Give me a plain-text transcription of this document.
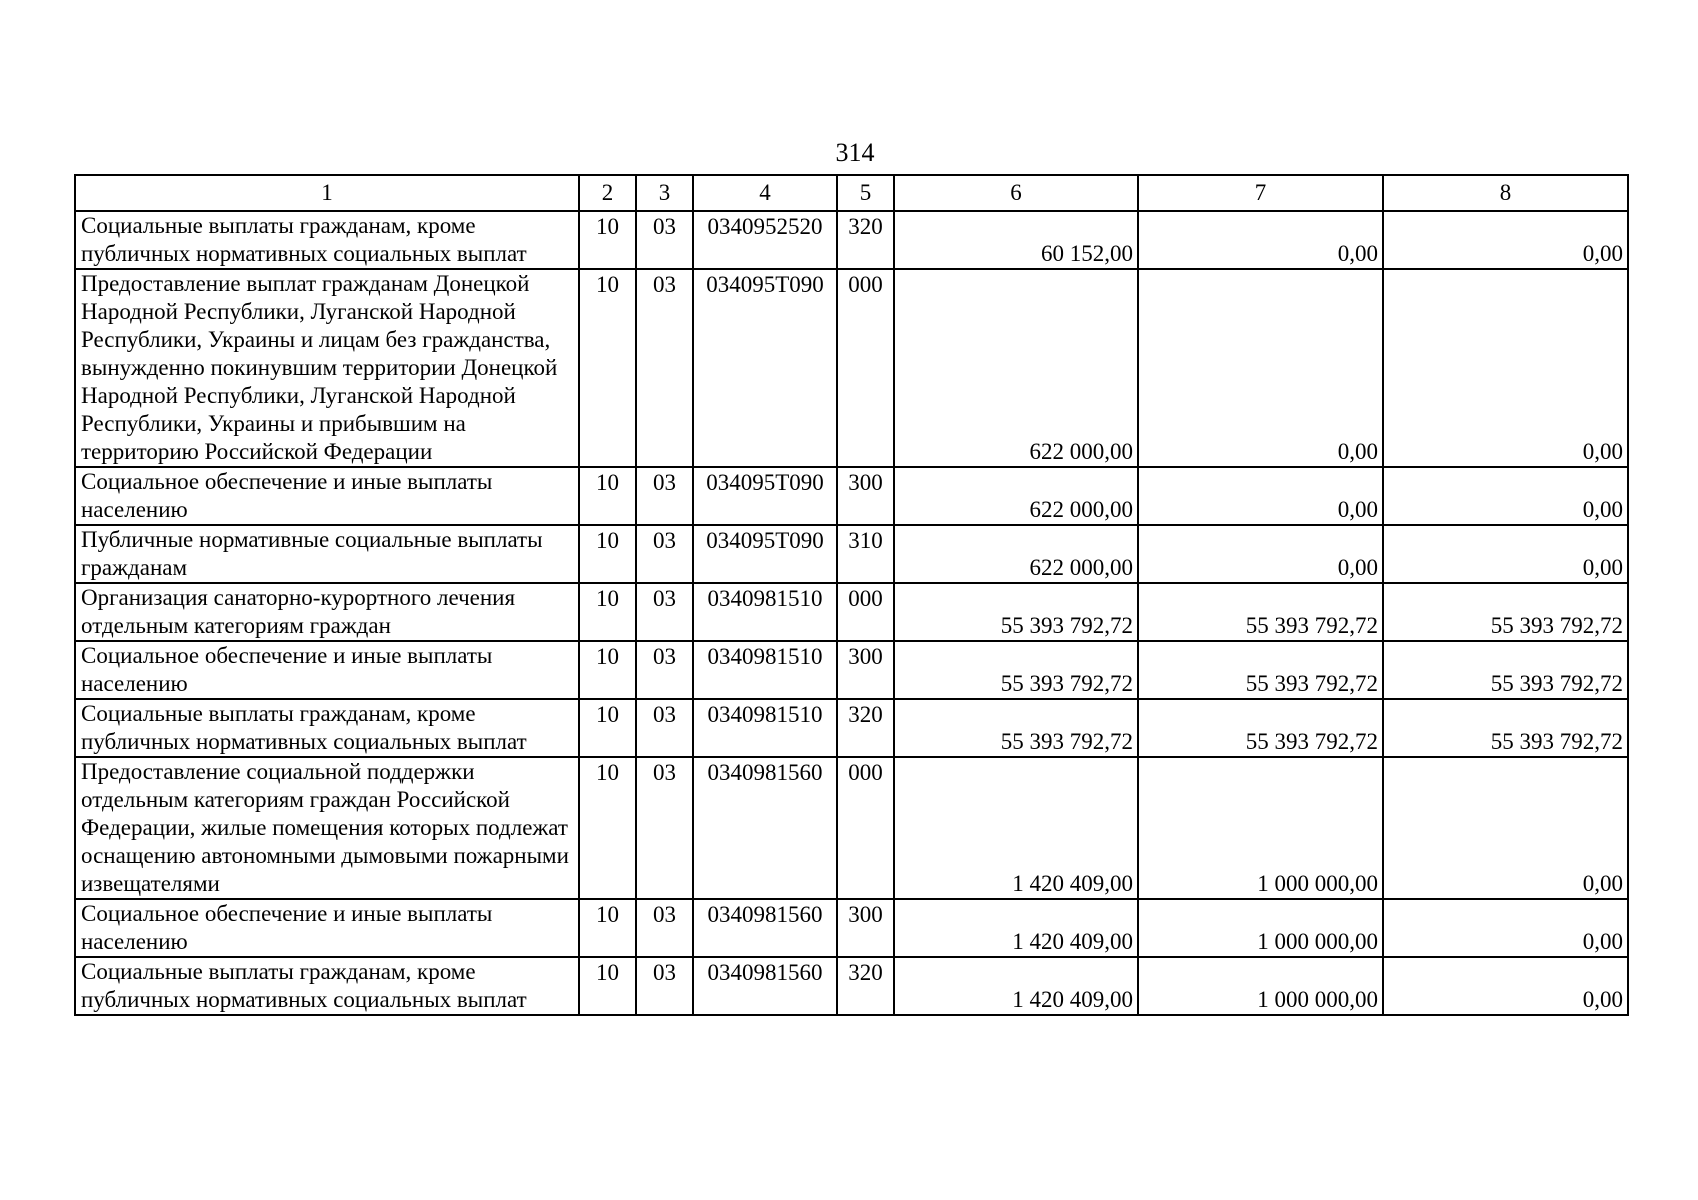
314
1	2	3	4	5	6	7	8
Социальные выплаты гражданам, кроме публичных нормативных социальных выплат	10	03	0340952520	320	60 152,00	0,00	0,00
Предоставление выплат гражданам Донецкой Народной Республики, Луганской Народной Республики, Украины и лицам без гражданства, вынужденно покинувшим территории Донецкой Народной Республики, Луганской Народной Республики, Украины и прибывшим на территорию Российской Федерации	10	03	034095Т090	000	622 000,00	0,00	0,00
Социальное обеспечение и иные выплаты населению	10	03	034095Т090	300	622 000,00	0,00	0,00
Публичные нормативные социальные выплаты гражданам	10	03	034095Т090	310	622 000,00	0,00	0,00
Организация санаторно-курортного лечения отдельным категориям граждан	10	03	0340981510	000	55 393 792,72	55 393 792,72	55 393 792,72
Социальное обеспечение и иные выплаты населению	10	03	0340981510	300	55 393 792,72	55 393 792,72	55 393 792,72
Социальные выплаты гражданам, кроме публичных нормативных социальных выплат	10	03	0340981510	320	55 393 792,72	55 393 792,72	55 393 792,72
Предоставление социальной поддержки отдельным категориям граждан Российской Федерации, жилые помещения которых подлежат оснащению автономными дымовыми пожарными извещателями	10	03	0340981560	000	1 420 409,00	1 000 000,00	0,00
Социальное обеспечение и иные выплаты населению	10	03	0340981560	300	1 420 409,00	1 000 000,00	0,00
Социальные выплаты гражданам, кроме публичных нормативных социальных выплат	10	03	0340981560	320	1 420 409,00	1 000 000,00	0,00
